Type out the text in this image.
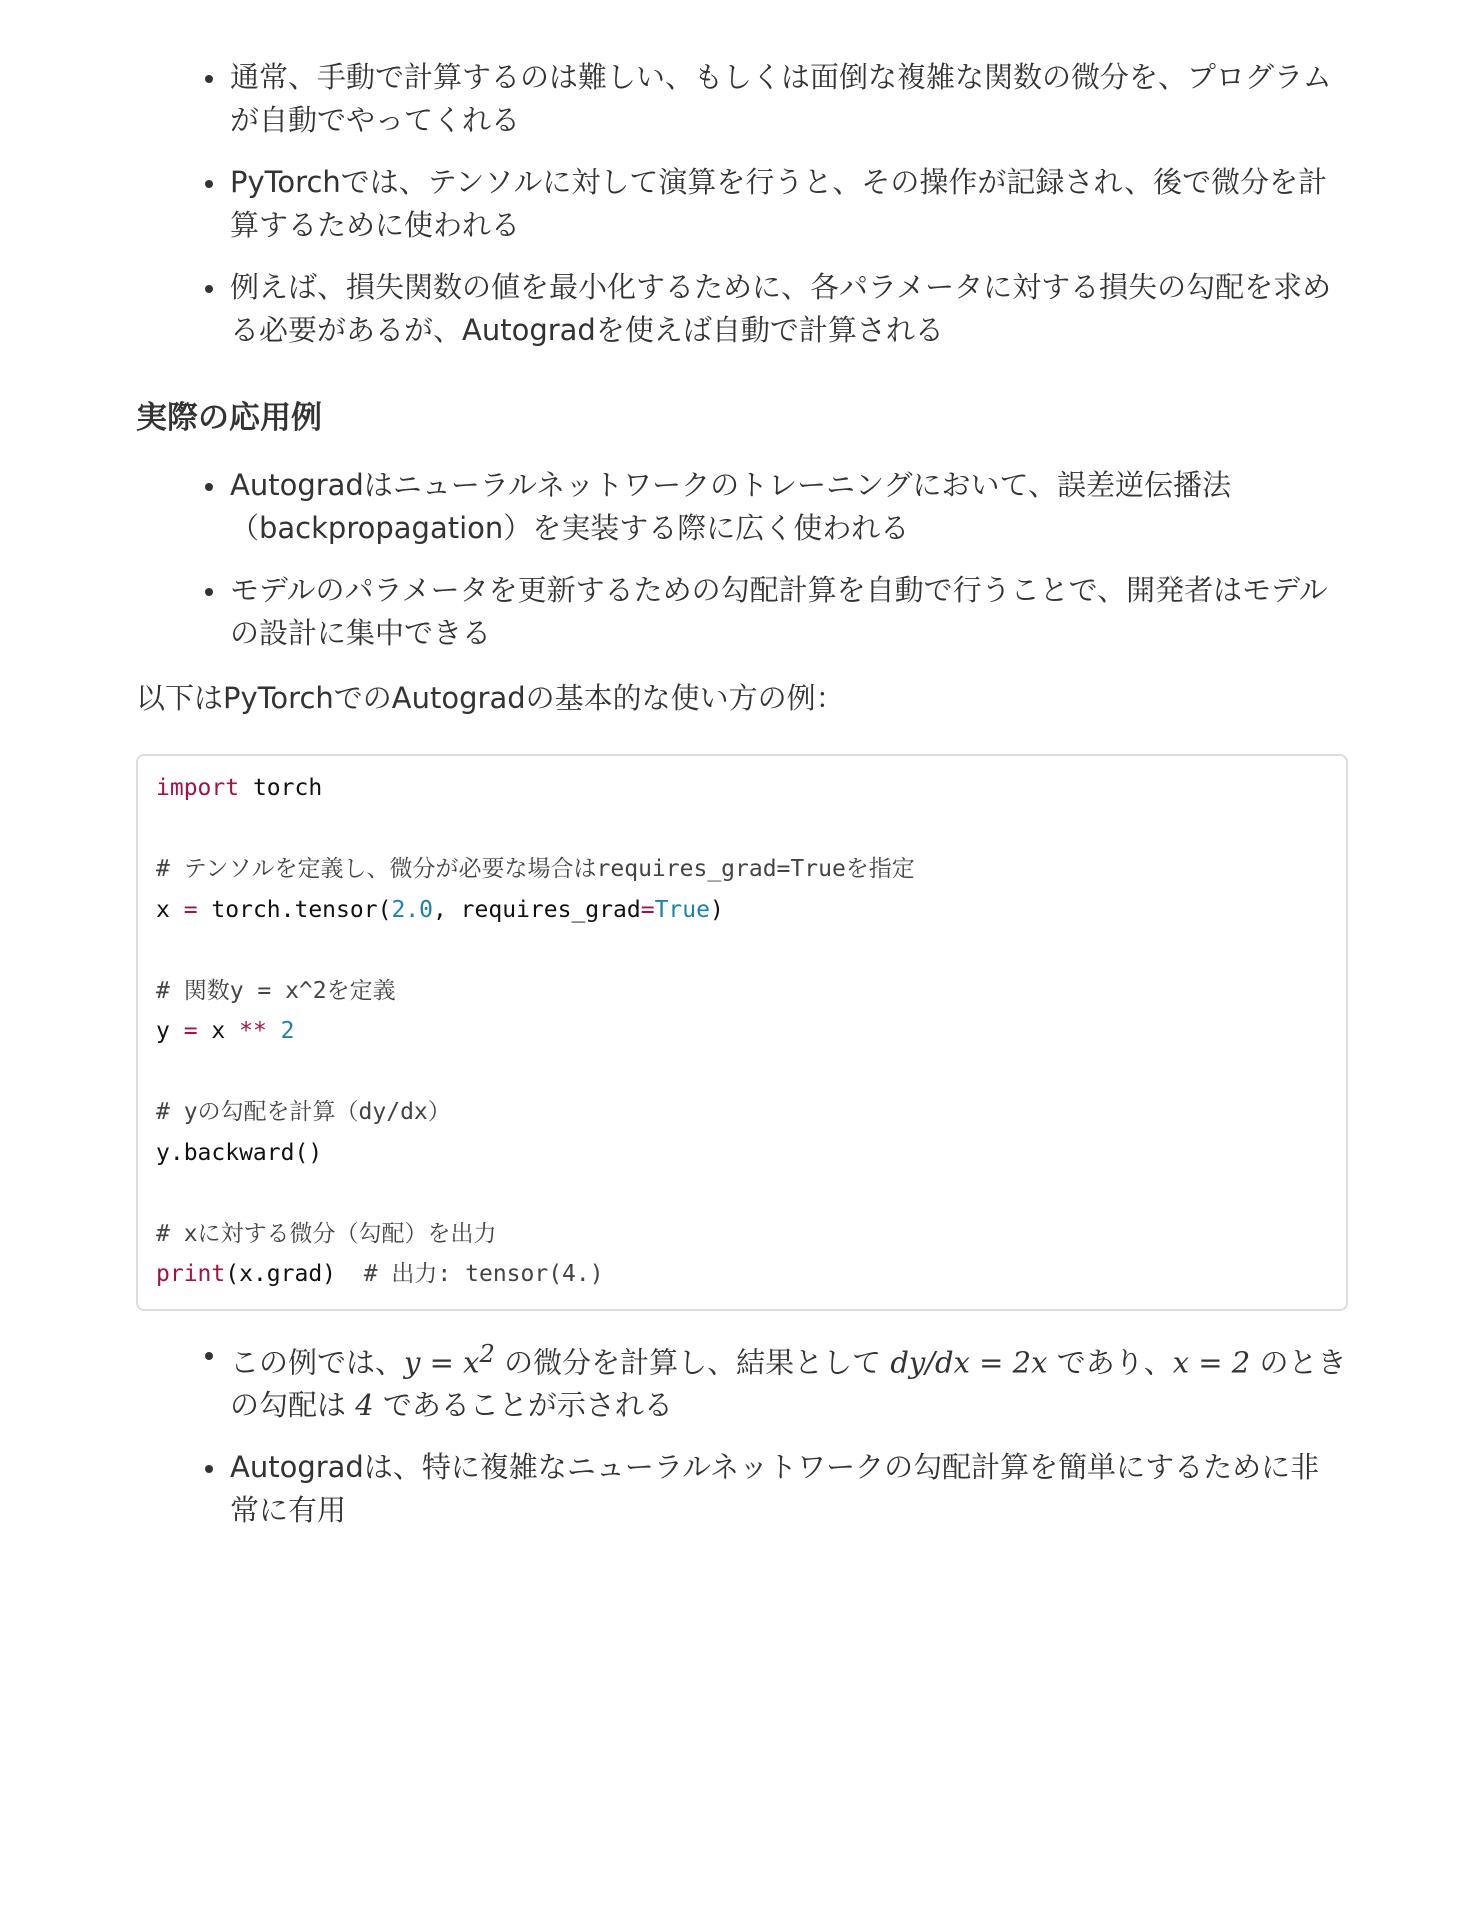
通常、手動で計算するのは難しい、もしくは面倒な複雑な関数の微分を、プログラムが自動でやってくれる
PyTorchでは、テンソルに対して演算を行うと、その操作が記録され、後で微分を計算するために使われる
例えば、損失関数の値を最小化するために、各パラメータに対する損失の勾配を求める必要があるが、Autogradを使えば自動で計算される
実際の応用例
Autogradはニューラルネットワークのトレーニングにおいて、誤差逆伝播法（backpropagation）を実装する際に広く使われる
モデルのパラメータを更新するための勾配計算を自動で行うことで、開発者はモデルの設計に集中できる

以下はPyTorchでのAutogradの基本的な使い方の例：

import torch

# テンソルを定義し、微分が必要な場合はrequires_grad=Trueを指定
x = torch.tensor(2.0, requires_grad=True)

# 関数y = x^2を定義
y = x ** 2

# yの勾配を計算（dy/dx）
y.backward()

# xに対する微分（勾配）を出力
print(x.grad)  # 出力: tensor(4.)
この例では、$y = x^2$ の微分を計算し、結果として dy/dx = 2x であり、x = 2 のときの勾配は 4 であることが示される
Autogradは、特に複雑なニューラルネットワークの勾配計算を簡単にするために非常に有用
